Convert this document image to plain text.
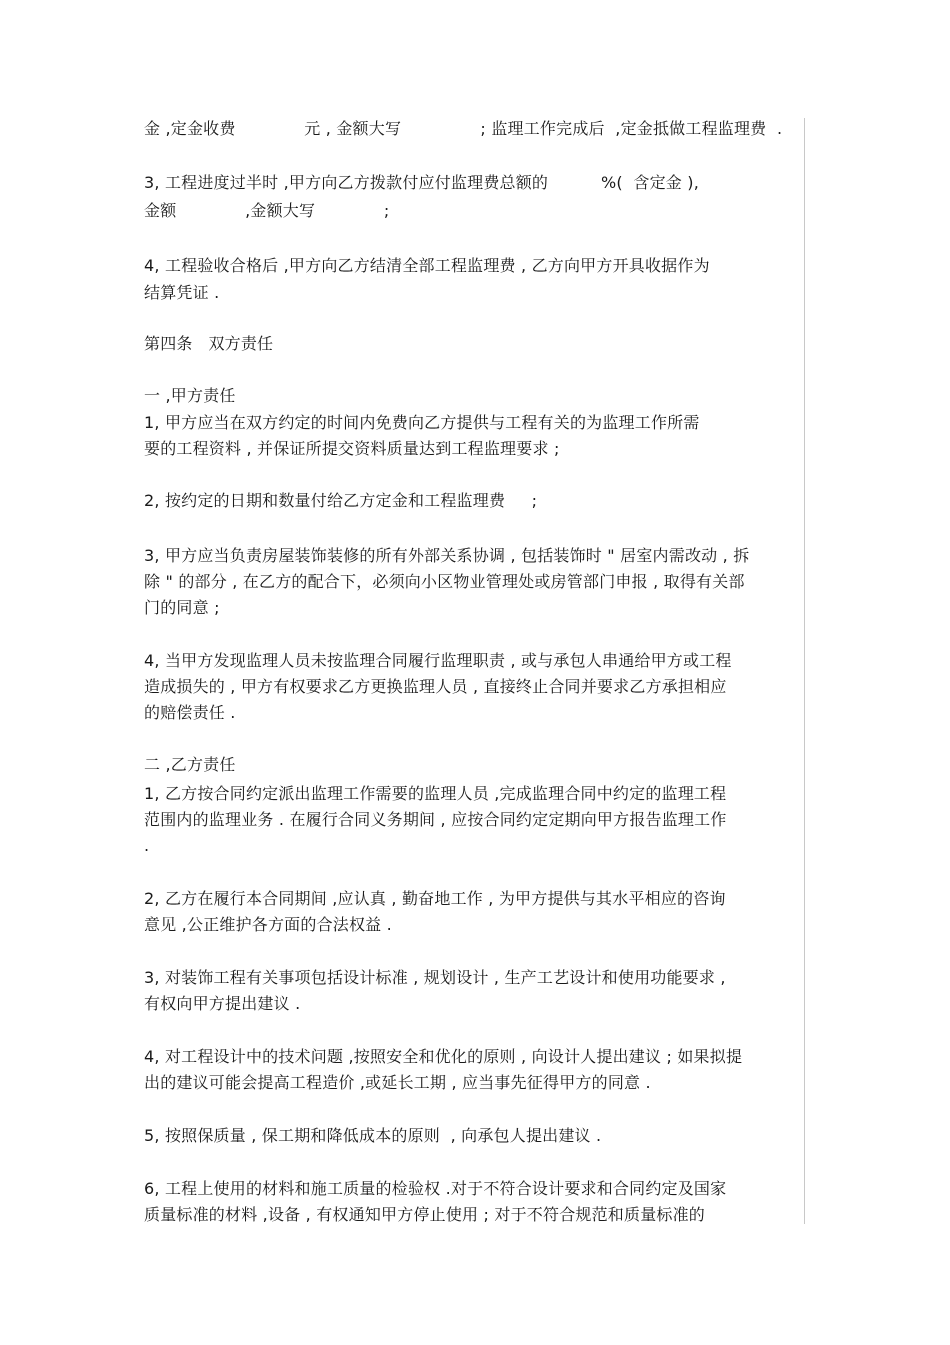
金 ,定金收费             元 , 金额大写               ; 监理工作完成后  ,定金抵做工程监理费  .
3, 工程进度过半时 ,甲方向乙方拨款付应付监理费总额的          %(  含定金 ),
金额             ,金额大写             ;
4, 工程验收合格后 ,甲方向乙方结清全部工程监理费 , 乙方向甲方开具收据作为
结算凭证 .
第四条   双方责任
一 ,甲方责任
1, 甲方应当在双方约定的时间内免费向乙方提供与工程有关的为监理工作所需
要的工程资料 , 并保证所提交资料质量达到工程监理要求 ;
2, 按约定的日期和数量付给乙方定金和工程监理费     ;
3, 甲方应当负责房屋装饰装修的所有外部关系协调 , 包括装饰时 " 居室内需改动 , 拆
除 " 的部分 , 在乙方的配合下，必须向小区物业管理处或房管部门申报 , 取得有关部
门的同意 ;
4, 当甲方发现监理人员未按监理合同履行监理职责 , 或与承包人串通给甲方或工程
造成损失的 , 甲方有权要求乙方更换监理人员 , 直接终止合同并要求乙方承担相应
的赔偿责任 .
二 ,乙方责任
1, 乙方按合同约定派出监理工作需要的监理人员 ,完成监理合同中约定的监理工程
范围内的监理业务 . 在履行合同义务期间 , 应按合同约定定期向甲方报告监理工作
.
2, 乙方在履行本合同期间 ,应认真 , 勤奋地工作 , 为甲方提供与其水平相应的咨询
意见 ,公正维护各方面的合法权益 .
3, 对装饰工程有关事项包括设计标准 , 规划设计 , 生产工艺设计和使用功能要求 ,
有权向甲方提出建议 .
4, 对工程设计中的技术问题 ,按照安全和优化的原则 , 向设计人提出建议 ; 如果拟提
出的建议可能会提高工程造价 ,或延长工期 , 应当事先征得甲方的同意 .
5, 按照保质量 , 保工期和降低成本的原则  , 向承包人提出建议 .
6, 工程上使用的材料和施工质量的检验权 .对于不符合设计要求和合同约定及国家
质量标准的材料 ,设备 , 有权通知甲方停止使用 ; 对于不符合规范和质量标准的
